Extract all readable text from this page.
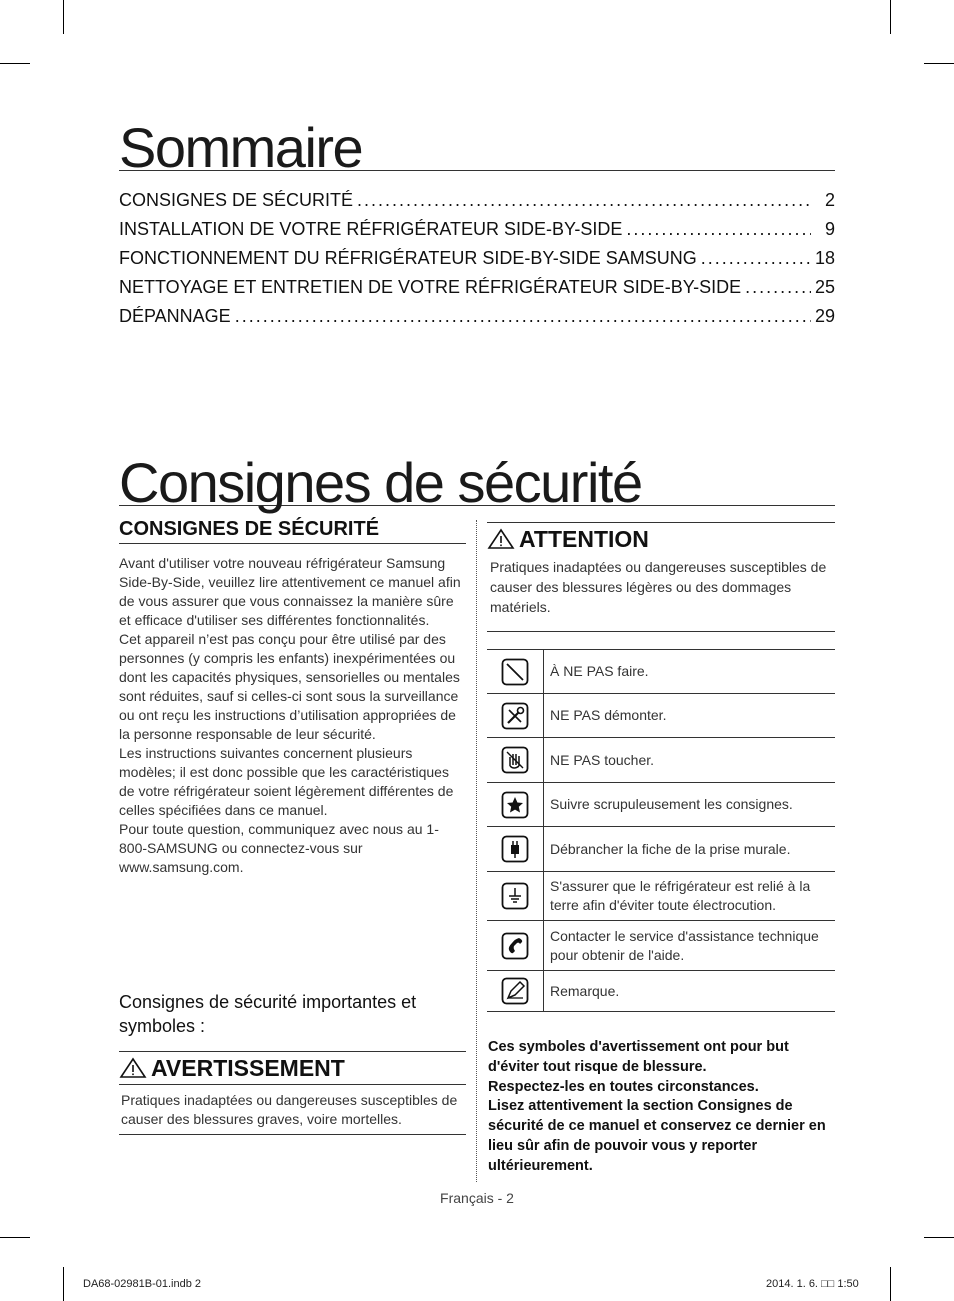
Sommaire
CONSIGNES DE SÉCURITÉ .....	2
INSTALLATION DE VOTRE RÉFRIGÉRATEUR SIDE-BY-SIDE .....	9
FONCTIONNEMENT DU RÉFRIGÉRATEUR SIDE-BY-SIDE SAMSUNG .....	18
NETTOYAGE ET ENTRETIEN DE VOTRE RÉFRIGÉRATEUR SIDE-BY-SIDE .....	25
DÉPANNAGE .....	29
Consignes de sécurité
CONSIGNES DE SÉCURITÉ

Avant d'utiliser votre nouveau réfrigérateur Samsung Side-By-Side, veuillez lire attentivement ce manuel afin de vous assurer que vous connaissez la manière sûre et efficace d'utiliser ses différentes fonctionnalités.

Cet appareil n’est pas conçu pour être utilisé par des personnes (y compris les enfants) inexpérimentées ou dont les capacités physiques, sensorielles ou mentales sont réduites, sauf si celles-ci sont sous la surveillance ou ont reçu les instructions d’utilisation appropriées de la personne responsable de leur sécurité.

Les instructions suivantes concernent plusieurs modèles; il est donc possible que les caractéristiques de votre réfrigérateur soient légèrement différentes de celles spécifiées dans ce manuel.

Pour toute question, communiquez avec nous au 1-800-SAMSUNG ou connectez-vous sur www.samsung.com.

Consignes de sécurité importantes et symboles :
AVERTISSEMENT
Pratiques inadaptées ou dangereuses susceptibles de causer des blessures graves, voire mortelles.
ATTENTION
Pratiques inadaptées ou dangereuses susceptibles de causer des blessures légères ou des dommages matériels.
À NE PAS faire.
NE PAS démonter.
NE PAS toucher.
Suivre scrupuleusement les consignes.
Débrancher la fiche de la prise murale.
S'assurer que le réfrigérateur est relié à la terre afin d'éviter toute électrocution.
Contacter le service d'assistance technique pour obtenir de l'aide.
Remarque.
Ces symboles d'avertissement ont pour but d'éviter tout risque de blessure.
Respectez-les en toutes circonstances.
Lisez attentivement la section Consignes de sécurité de ce manuel et conservez ce dernier en lieu sûr afin de pouvoir vous y reporter ultérieurement.
Français - 2
DA68-02981B-01.indb 2	2014. 1. 6. □□ 1:50
